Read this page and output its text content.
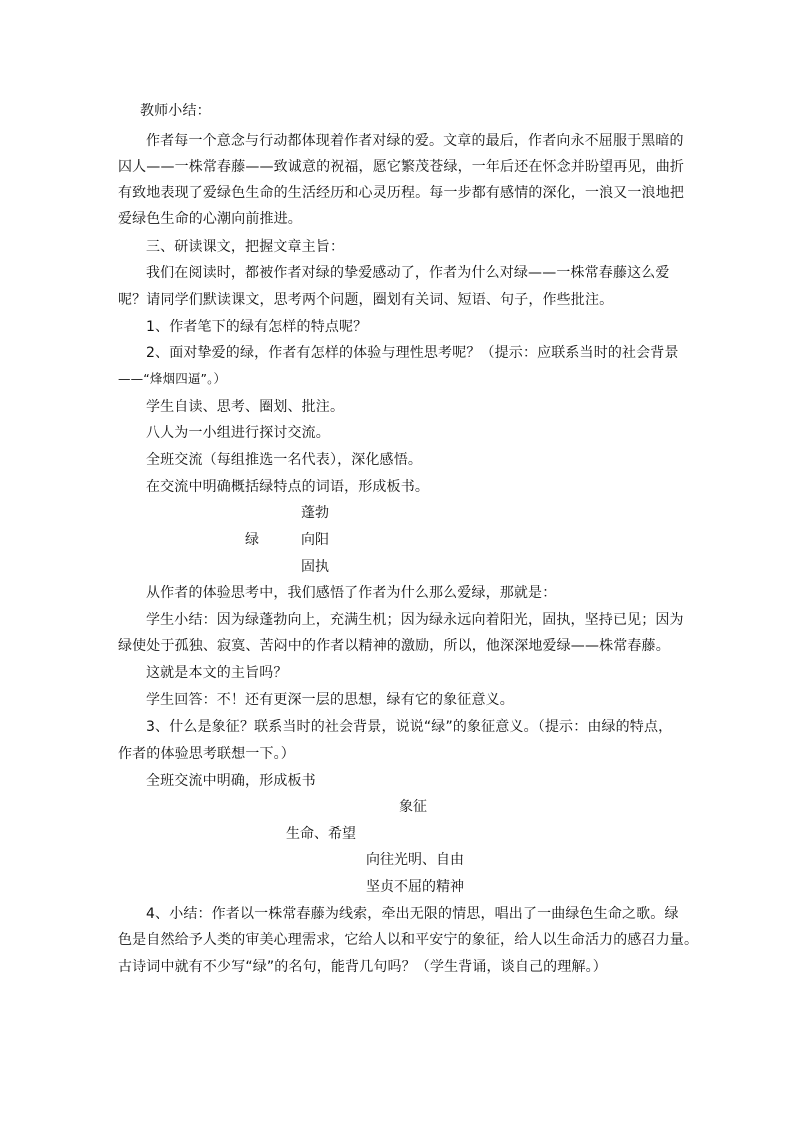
教师小结：
作者每一个意念与行动都体现着作者对绿的爱。文章的最后，作者向永不屈服于黑暗的
囚人——一株常春藤——致诚意的祝福，愿它繁茂苍绿，一年后还在怀念并盼望再见，曲折
有致地表现了爱绿色生命的生活经历和心灵历程。每一步都有感情的深化，一浪又一浪地把
爱绿色生命的心潮向前推进。
三、研读课文，把握文章主旨：
我们在阅读时，都被作者对绿的挚爱感动了，作者为什么对绿——一株常春藤这么爱
呢？请同学们默读课文，思考两个问题，圈划有关词、短语、句子，作些批注。
1、作者笔下的绿有怎样的特点呢？
2、面对挚爱的绿，作者有怎样的体验与理性思考呢？（提示：应联系当时的社会背景
——“烽烟四逼”。）
学生自读、思考、圈划、批注。
八人为一小组进行探讨交流。
全班交流（每组推选一名代表），深化感悟。
在交流中明确概括绿特点的词语，形成板书。
蓬勃
绿	向阳
固执
从作者的体验思考中，我们感悟了作者为什么那么爱绿，那就是：
学生小结：因为绿蓬勃向上，充满生机；因为绿永远向着阳光，固执，坚持已见；因为
绿使处于孤独、寂寞、苦闷中的作者以精神的激励，所以，他深深地爱绿——株常春藤。
这就是本文的主旨吗？
学生回答：不！还有更深一层的思想，绿有它的象征意义。
3、什么是象征？联系当时的社会背景，说说“绿”的象征意义。（提示：由绿的特点，
作者的体验思考联想一下。）
全班交流中明确，形成板书
象征
生命、希望
向往光明、自由
坚贞不屈的精神
4、小结：作者以一株常春藤为线索，牵出无限的情思，唱出了一曲绿色生命之歌。绿
色是自然给予人类的审美心理需求，它给人以和平安宁的象征，给人以生命活力的感召力量。
古诗词中就有不少写“绿”的名句，能背几句吗？（学生背诵，谈自己的理解。）
